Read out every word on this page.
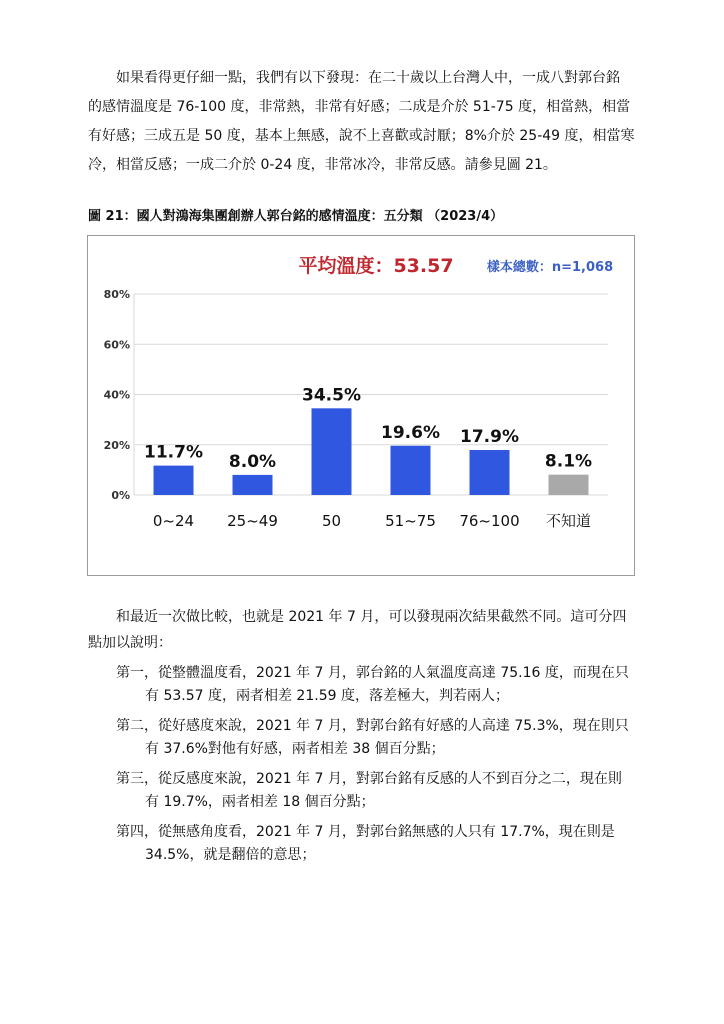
如果看得更仔細一點，我們有以下發現：在二十歲以上台灣人中，一成八對郭台銘
的感情溫度是 76-100 度，非常熱，非常有好感；二成是介於 51-75 度，相當熱，相當
有好感；三成五是 50 度，基本上無感，說不上喜歡或討厭；8%介於 25-49 度，相當寒
冷，相當反感；一成二介於 0-24 度，非常冰冷，非常反感。請參見圖 21。
圖 21：國人對鴻海集團創辦人郭台銘的感情溫度：五分類 （2023/4）
平均溫度：53.57	樣本總數：n=1,068
0%
20%
40%
60%
80%
11.7%
0~24
8.0%
25~49
34.5%
50
19.6%
51~75
17.9%
76~100
8.1%
不知道
和最近一次做比較，也就是 2021 年 7 月，可以發現兩次結果截然不同。這可分四
點加以說明：
第一，從整體溫度看，2021 年 7 月，郭台銘的人氣溫度高達 75.16 度，而現在只
有 53.57 度，兩者相差 21.59 度，落差極大，判若兩人；
第二，從好感度來說，2021 年 7 月，對郭台銘有好感的人高達 75.3%，現在則只
有 37.6%對他有好感，兩者相差 38 個百分點；
第三，從反感度來說，2021 年 7 月，對郭台銘有反感的人不到百分之二，現在則
有 19.7%，兩者相差 18 個百分點；
第四，從無感角度看，2021 年 7 月，對郭台銘無感的人只有 17.7%，現在則是
34.5%，就是翻倍的意思；
